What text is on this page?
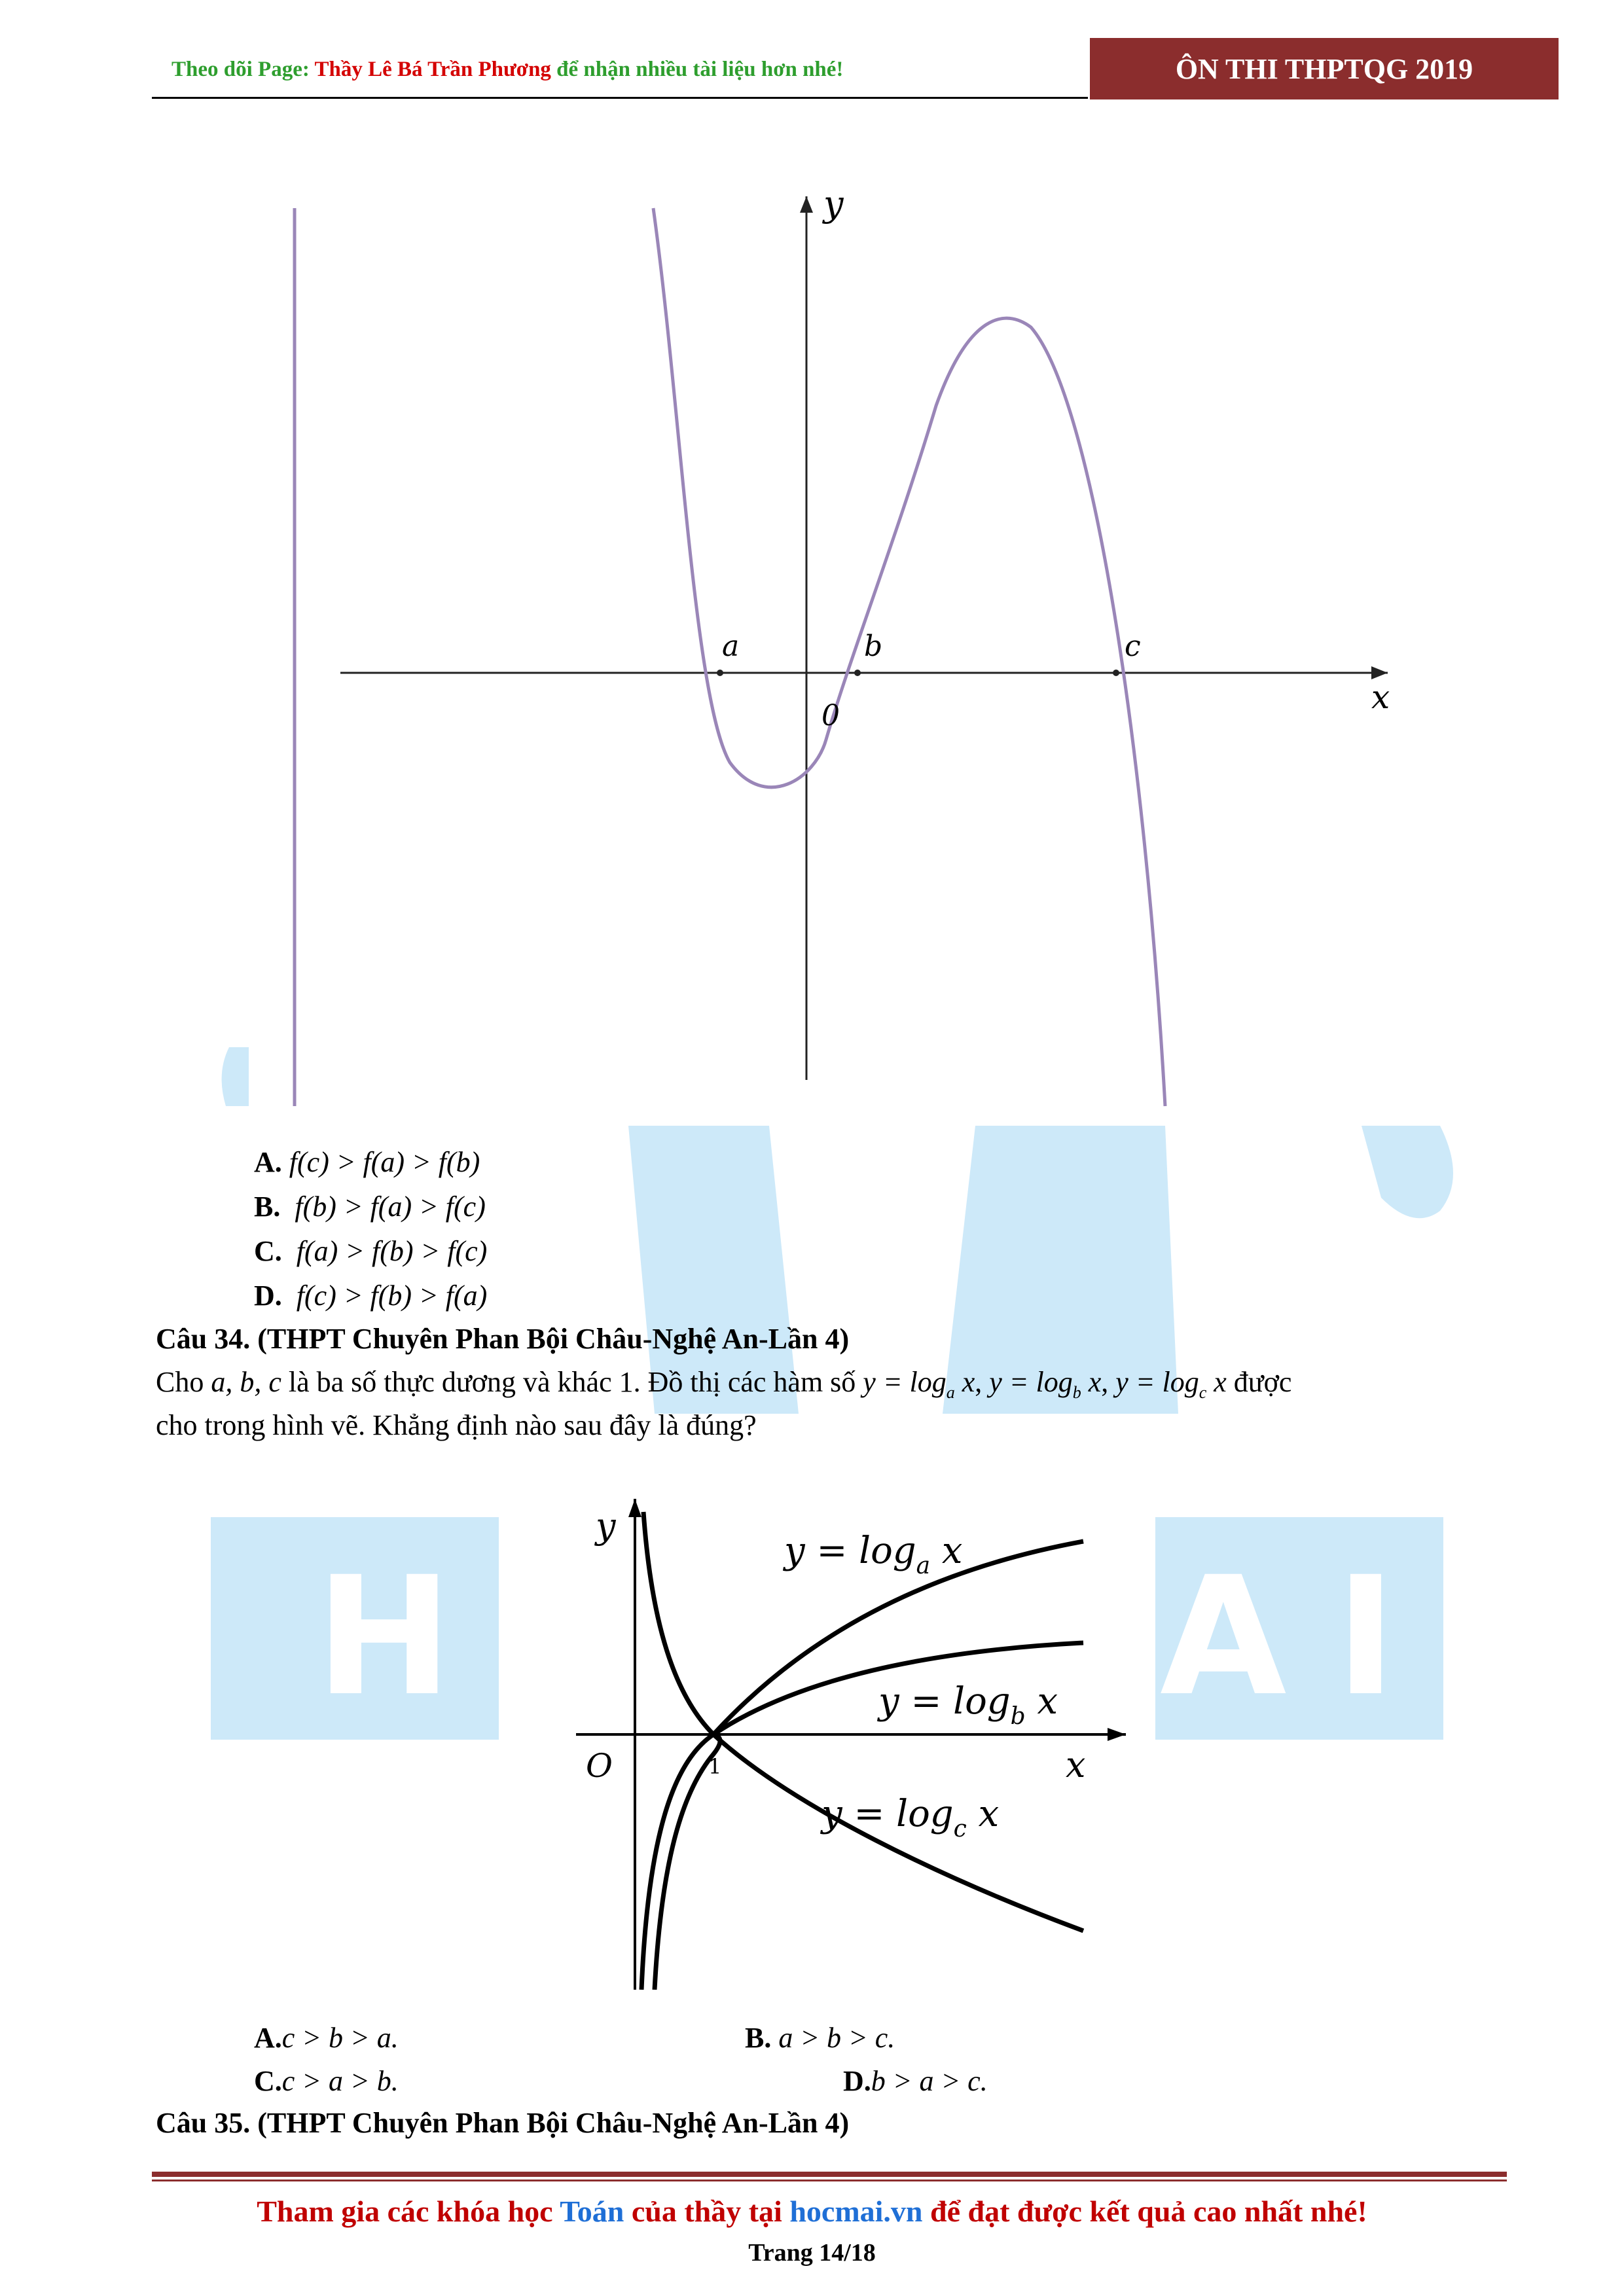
Theo dõi Page: Thầy Lê Bá Trần Phương để nhận nhiều tài liệu hơn nhé!	ÔN THI THPTQG 2019
H	A I
y
x
0
a	b	c
A. f(c) > f(a) > f(b)
B. f(b) > f(a) > f(c)
C. f(a) > f(b) > f(c)
D. f(c) > f(b) > f(a)
Câu 34. (THPT Chuyên Phan Bội Châu-Nghệ An-Lần 4)
Cho a, b, c là ba số thực dương và khác 1. Đồ thị các hàm số $y = \log_a x$, $y = \log_b x$, $y = \log_c x$ được
cho trong hình vẽ. Khẳng định nào sau đây là đúng?
y
x
O	1
$y = \log_a x$
$y = \log_b x$
$y = \log_c x$
A.c > b > a.	B. a > b > c.
C.c > a > b.	D.b > a > c.
Câu 35. (THPT Chuyên Phan Bội Châu-Nghệ An-Lần 4)
Tham gia các khóa học Toán của thầy tại hocmai.vn để đạt được kết quả cao nhất nhé!
Trang 14/18
